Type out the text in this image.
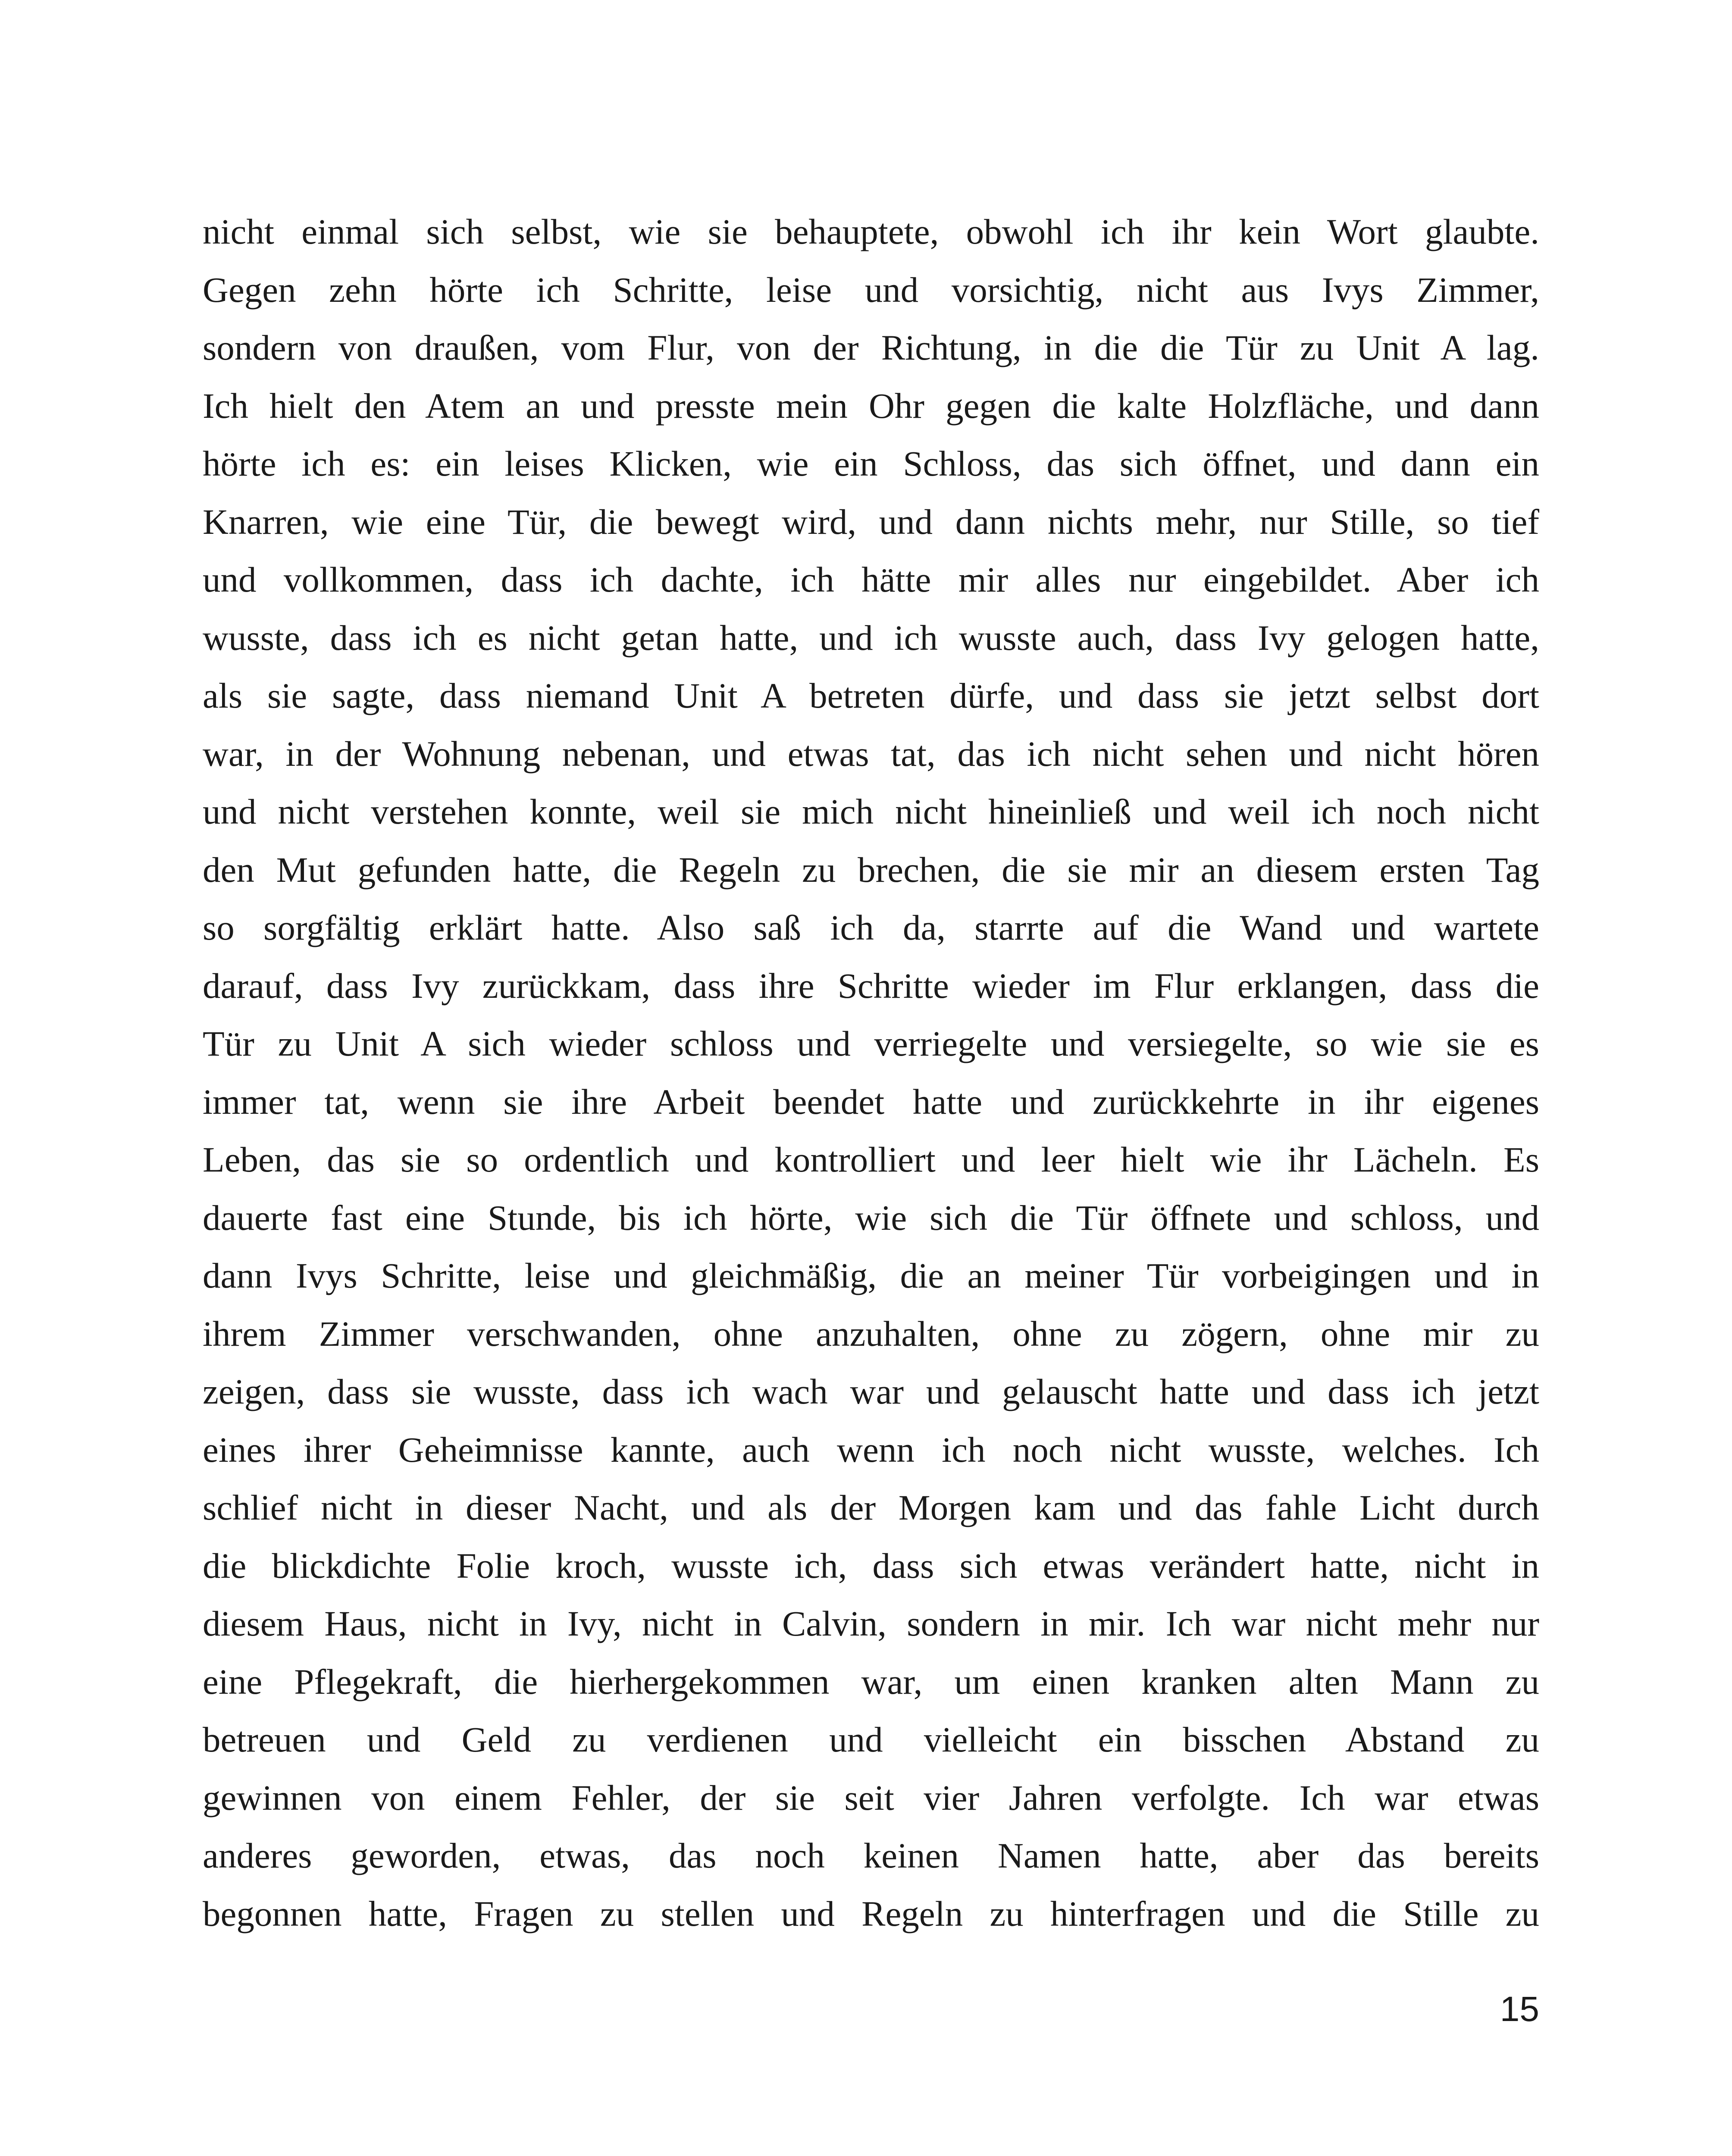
nicht einmal sich selbst, wie sie behauptete, obwohl ich ihr kein Wort glaubte.
Gegen zehn hörte ich Schritte, leise und vorsichtig, nicht aus Ivys Zimmer,
sondern von draußen, vom Flur, von der Richtung, in die die Tür zu Unit A lag.
Ich hielt den Atem an und presste mein Ohr gegen die kalte Holzfläche, und dann
hörte ich es: ein leises Klicken, wie ein Schloss, das sich öffnet, und dann ein
Knarren, wie eine Tür, die bewegt wird, und dann nichts mehr, nur Stille, so tief
und vollkommen, dass ich dachte, ich hätte mir alles nur eingebildet. Aber ich
wusste, dass ich es nicht getan hatte, und ich wusste auch, dass Ivy gelogen hatte,
als sie sagte, dass niemand Unit A betreten dürfe, und dass sie jetzt selbst dort
war, in der Wohnung nebenan, und etwas tat, das ich nicht sehen und nicht hören
und nicht verstehen konnte, weil sie mich nicht hineinließ und weil ich noch nicht
den Mut gefunden hatte, die Regeln zu brechen, die sie mir an diesem ersten Tag
so sorgfältig erklärt hatte. Also saß ich da, starrte auf die Wand und wartete
darauf, dass Ivy zurückkam, dass ihre Schritte wieder im Flur erklangen, dass die
Tür zu Unit A sich wieder schloss und verriegelte und versiegelte, so wie sie es
immer tat, wenn sie ihre Arbeit beendet hatte und zurückkehrte in ihr eigenes
Leben, das sie so ordentlich und kontrolliert und leer hielt wie ihr Lächeln. Es
dauerte fast eine Stunde, bis ich hörte, wie sich die Tür öffnete und schloss, und
dann Ivys Schritte, leise und gleichmäßig, die an meiner Tür vorbeigingen und in
ihrem Zimmer verschwanden, ohne anzuhalten, ohne zu zögern, ohne mir zu
zeigen, dass sie wusste, dass ich wach war und gelauscht hatte und dass ich jetzt
eines ihrer Geheimnisse kannte, auch wenn ich noch nicht wusste, welches. Ich
schlief nicht in dieser Nacht, und als der Morgen kam und das fahle Licht durch
die blickdichte Folie kroch, wusste ich, dass sich etwas verändert hatte, nicht in
diesem Haus, nicht in Ivy, nicht in Calvin, sondern in mir. Ich war nicht mehr nur
eine Pflegekraft, die hierhergekommen war, um einen kranken alten Mann zu
betreuen und Geld zu verdienen und vielleicht ein bisschen Abstand zu
gewinnen von einem Fehler, der sie seit vier Jahren verfolgte. Ich war etwas
anderes geworden, etwas, das noch keinen Namen hatte, aber das bereits
begonnen hatte, Fragen zu stellen und Regeln zu hinterfragen und die Stille zu
15
